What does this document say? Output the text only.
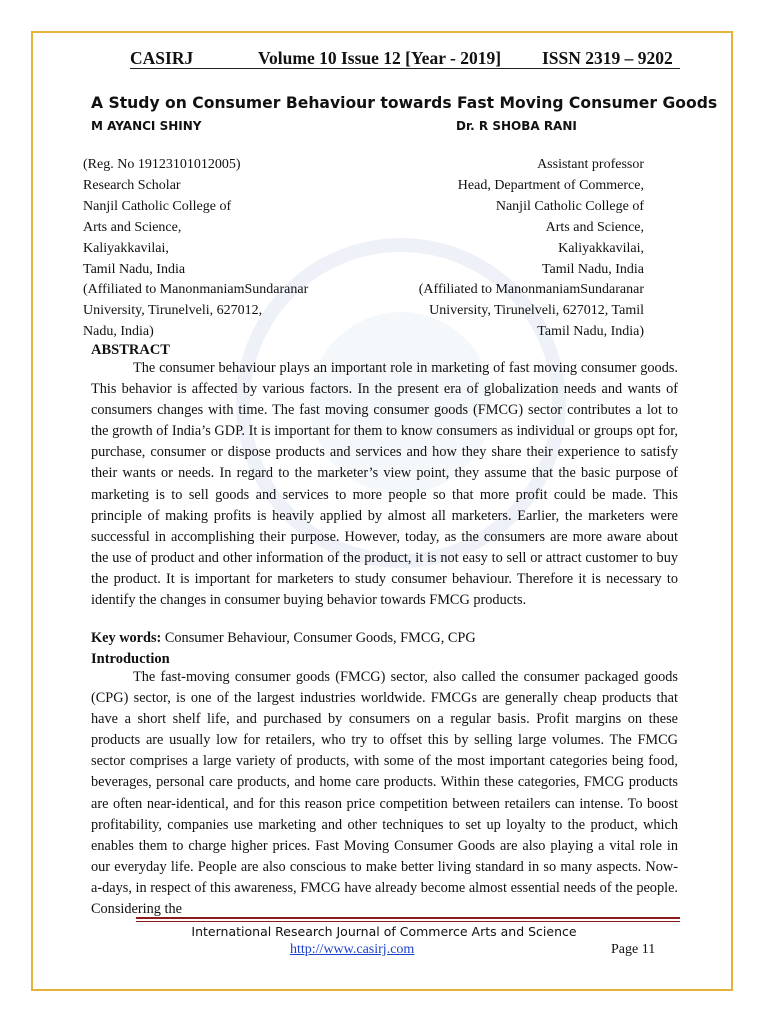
CASIRJ	Volume 10 Issue 12 [Year - 2019] ISSN 2319 – 9202
A Study on Consumer Behaviour towards Fast Moving Consumer Goods
M AYANCI SHINY	Dr. R SHOBA RANI
(Reg. No 19123101012005)
Research Scholar
Nanjil Catholic College of
Arts and Science,
Kaliyakkavilai,
Tamil Nadu, India
(Affiliated to ManonmaniamSundaranar
University, Tirunelveli, 627012,
Nadu, India)
Assistant professor
Head, Department of Commerce,
Nanjil Catholic College of
Arts and Science,
Kaliyakkavilai,
Tamil Nadu, India
(Affiliated to ManonmaniamSundaranar
University, Tirunelveli, 627012, Tamil
Tamil Nadu, India)
ABSTRACT

The consumer behaviour plays an important role in marketing of fast moving consumer goods. This behavior is affected by various factors. In the present era of globalization needs and wants of consumers changes with time. The fast moving consumer goods (FMCG) sector contributes a lot to the growth of India’s GDP. It is important for them to know consumers as individual or groups opt for, purchase, consumer or dispose products and services and how they share their experience to satisfy their wants or needs. In regard to the marketer’s view point, they assume that the basic purpose of marketing is to sell goods and services to more people so that more profit could be made. This principle of making profits is heavily applied by almost all marketers. Earlier, the marketers were successful in accomplishing their purpose. However, today, as the consumers are more aware about the use of product and other information of the product, it is not easy to sell or attract customer to buy the product. It is important for marketers to study consumer behaviour. Therefore it is necessary to identify the changes in consumer buying behavior towards FMCG products.

Key words: Consumer Behaviour, Consumer Goods, FMCG, CPG
Introduction

The fast-moving consumer goods (FMCG) sector, also called the consumer packaged goods (CPG) sector, is one of the largest industries worldwide. FMCGs are generally cheap products that have a short shelf life, and purchased by consumers on a regular basis. Profit margins on these products are usually low for retailers, who try to offset this by selling large volumes. The FMCG sector comprises a large variety of products, with some of the most important categories being food, beverages, personal care products, and home care products. Within these categories, FMCG products are often near-identical, and for this reason price competition between retailers can intense. To boost profitability, companies use marketing and other techniques to set up loyalty to the product, which enables them to charge higher prices. Fast Moving Consumer Goods are also playing a vital role in our everyday life. People are also conscious to make better living standard in so many aspects. Now-a-days, in respect of this awareness, FMCG have already become almost essential needs of the people. Considering the

International Research Journal of Commerce Arts and Science
http://www.casirj.com	Page 11
